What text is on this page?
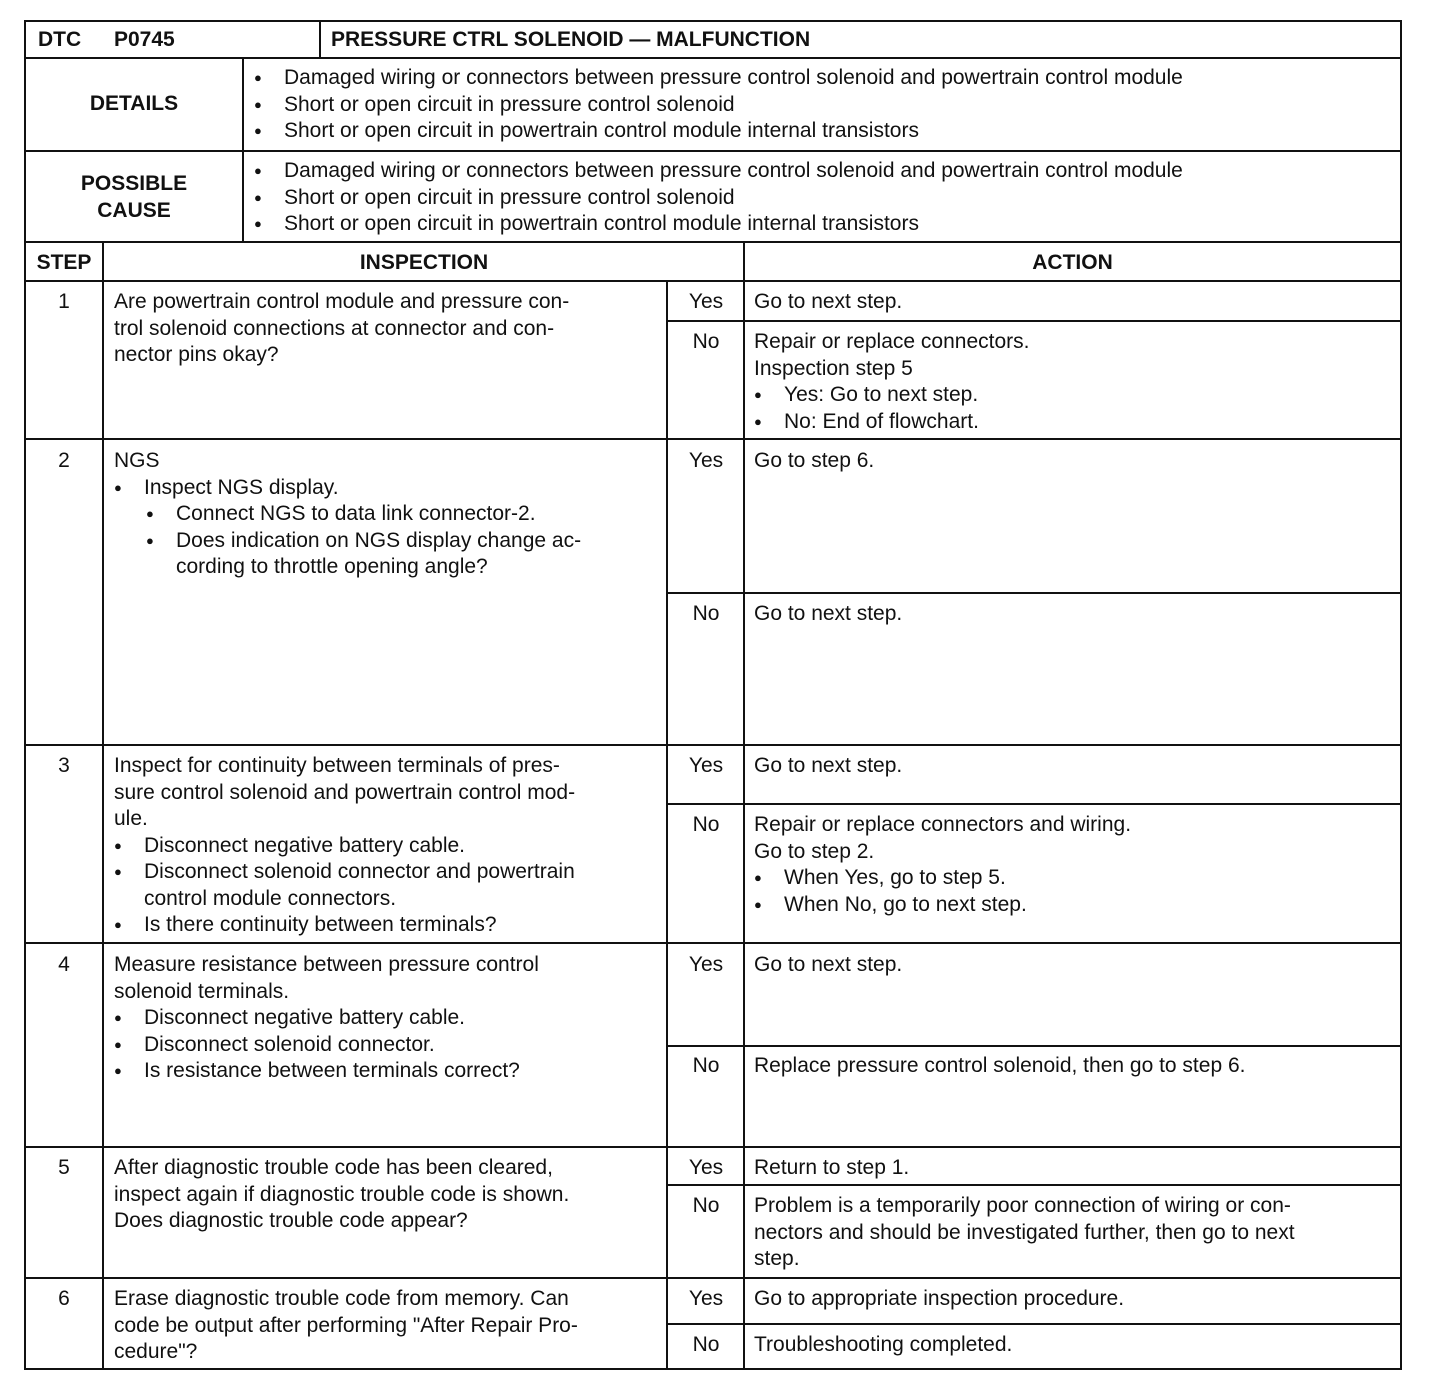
DTC P0745	PRESSURE CTRL SOLENOID — MALFUNCTION
DETAILS
● Damaged wiring or connectors between pressure control solenoid and powertrain control module
● Short or open circuit in pressure control solenoid
● Short or open circuit in powertrain control module internal transistors
POSSIBLE
CAUSE
● Damaged wiring or connectors between pressure control solenoid and powertrain control module
● Short or open circuit in pressure control solenoid
● Short or open circuit in powertrain control module internal transistors
STEP	INSPECTION	ACTION
1	Are powertrain control module and pressure con-
trol solenoid connections at connector and con-
nector pins okay?
Yes	Go to next step.
No	Repair or replace connectors.
Inspection step 5
● Yes: Go to next step.
● No: End of flowchart.
2	NGS
● Inspect NGS display.
● Connect NGS to data link connector-2.
● Does indication on NGS display change ac-
cording to throttle opening angle?
Yes	Go to step 6.
No	Go to next step.
3	Inspect for continuity between terminals of pres-
sure control solenoid and powertrain control mod-
ule.
● Disconnect negative battery cable.
● Disconnect solenoid connector and powertrain
control module connectors.
● Is there continuity between terminals?
Yes	Go to next step.
No	Repair or replace connectors and wiring.
Go to step 2.
● When Yes, go to step 5.
● When No, go to next step.
4	Measure resistance between pressure control
solenoid terminals.
● Disconnect negative battery cable.
● Disconnect solenoid connector.
● Is resistance between terminals correct?
Yes	Go to next step.
No	Replace pressure control solenoid, then go to step 6.
5	After diagnostic trouble code has been cleared,
inspect again if diagnostic trouble code is shown.
Does diagnostic trouble code appear?
Yes	Return to step 1.
No	Problem is a temporarily poor connection of wiring or con-
nectors and should be investigated further, then go to next
step.
6	Erase diagnostic trouble code from memory. Can
code be output after performing "After Repair Pro-
cedure"?
Yes	Go to appropriate inspection procedure.
No	Troubleshooting completed.
